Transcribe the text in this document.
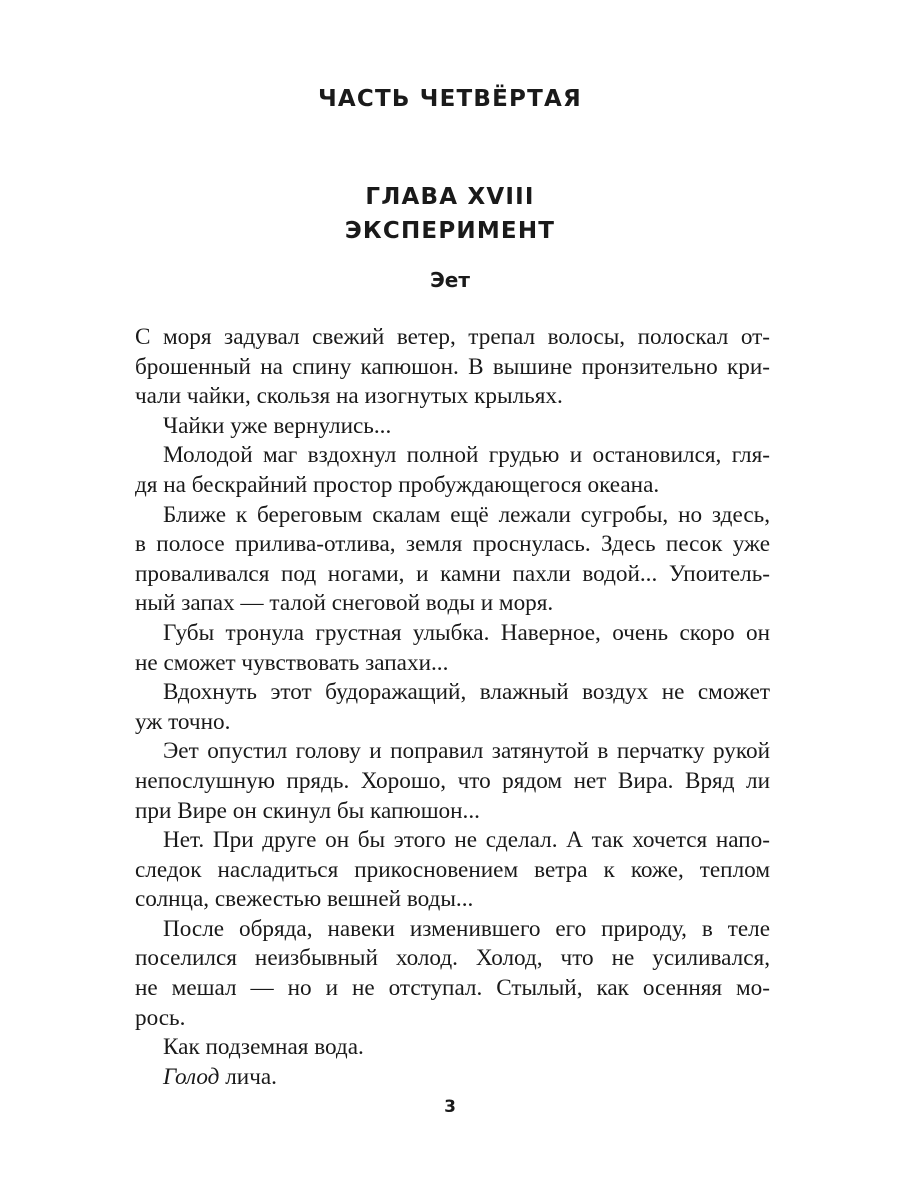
ЧАСТЬ ЧЕТВЁРТАЯ
ГЛАВА XVIII
ЭКСПЕРИМЕНТ
Эет
С моря задувал свежий ветер, трепал волосы, полоскал от-
брошенный на спину капюшон. В вышине пронзительно кри-
чали чайки, скользя на изогнутых крыльях.
Чайки уже вернулись...
Молодой маг вздохнул полной грудью и остановился, гля-
дя на бескрайний простор пробуждающегося океана.
Ближе к береговым скалам ещё лежали сугробы, но здесь,
в полосе прилива-отлива, земля проснулась. Здесь песок уже
проваливался под ногами, и камни пахли водой... Упоитель-
ный запах — талой снеговой воды и моря.
Губы тронула грустная улыбка. Наверное, очень скоро он
не сможет чувствовать запахи...
Вдохнуть этот будоражащий, влажный воздух не сможет
уж точно.
Эет опустил голову и поправил затянутой в перчатку рукой
непослушную прядь. Хорошо, что рядом нет Вира. Вряд ли
при Вире он скинул бы капюшон...
Нет. При друге он бы этого не сделал. А так хочется напо-
следок насладиться прикосновением ветра к коже, теплом
солнца, свежестью вешней воды...
После обряда, навеки изменившего его природу, в теле
поселился неизбывный холод. Холод, что не усиливался,
не мешал — но и не отступал. Стылый, как осенняя мо-
рось.
Как подземная вода.
Голод лича.
3
